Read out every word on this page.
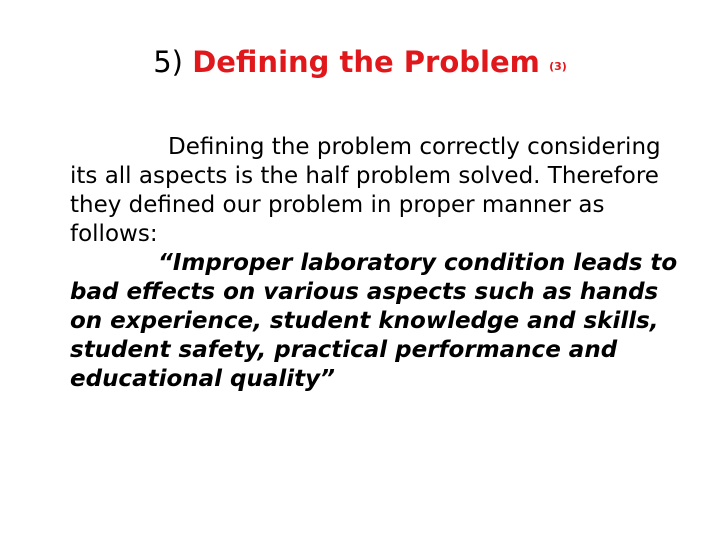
5) Defining the Problem (3)

Defining the problem correctly considering its all aspects is the half problem solved. Therefore they defined our problem in proper manner as follows:

“Improper laboratory condition leads to bad effects on various aspects such as hands on experience, student knowledge and skills, student safety, practical performance and educational quality”
